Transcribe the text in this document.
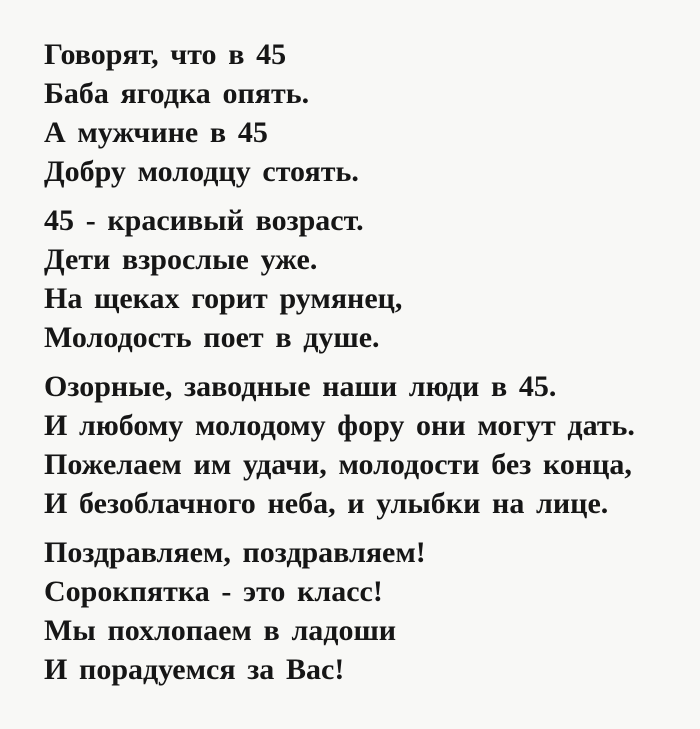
Говорят, что в 45
Баба ягодка опять.
А мужчине в 45
Добру молодцу стоять.
45 - красивый возраст.
Дети взрослые уже.
На щеках горит румянец,
Молодость поет в душе.
Озорные, заводные наши люди в 45.
И любому молодому фору они могут дать.
Пожелаем им удачи, молодости без конца,
И безоблачного неба, и улыбки на лице.
Поздравляем, поздравляем!
Сорокпятка - это класс!
Мы похлопаем в ладоши
И порадуемся за Вас!
